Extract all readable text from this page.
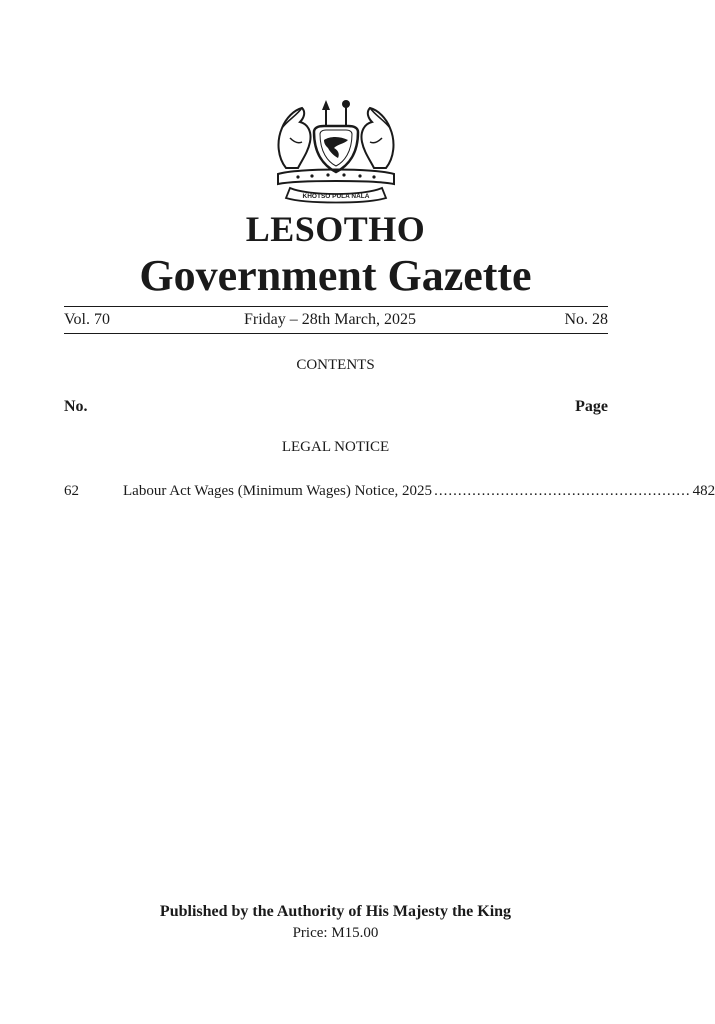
KHOTSO PULA NALA
LESOTHO
Government Gazette
Vol. 70	Friday – 28th March, 2025	No. 28
CONTENTS
No.	Page
LEGAL NOTICE
62	Labour Act Wages (Minimum Wages) Notice, 2025 ...................................................... 482
Published by the Authority of His Majesty the King
Price: M15.00
